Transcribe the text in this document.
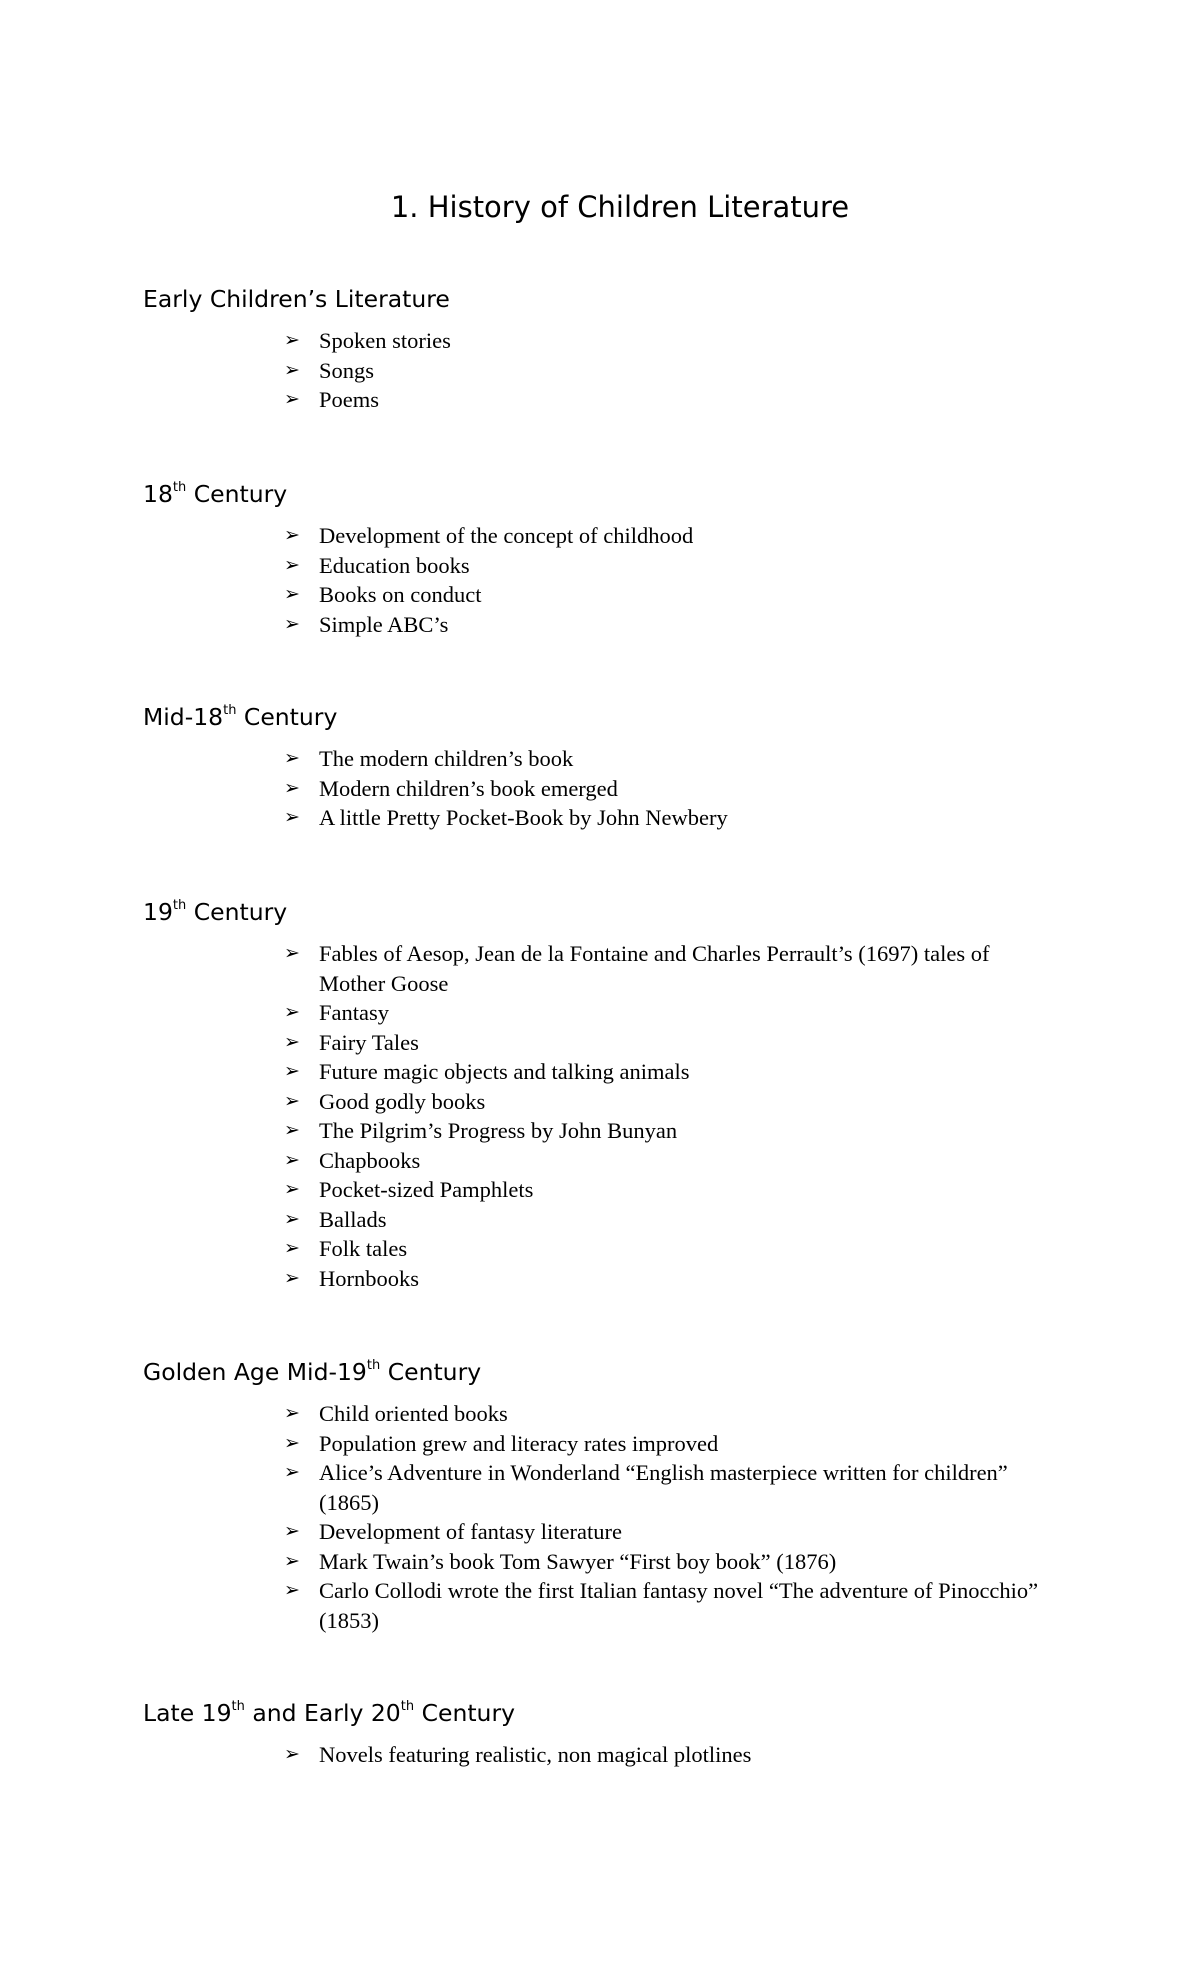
1. History of Children Literature
Early Children’s Literature
➢ Spoken stories
➢ Songs
➢ Poems
18th Century
➢ Development of the concept of childhood
➢ Education books
➢ Books on conduct
➢ Simple ABC’s
Mid-18th Century
➢ The modern children’s book
➢ Modern children’s book emerged
➢ A little Pretty Pocket-Book by John Newbery
19th Century
➢ Fables of Aesop, Jean de la Fontaine and Charles Perrault’s (1697) tales of Mother Goose
➢ Fantasy
➢ Fairy Tales
➢ Future magic objects and talking animals
➢ Good godly books
➢ The Pilgrim’s Progress by John Bunyan
➢ Chapbooks
➢ Pocket-sized Pamphlets
➢ Ballads
➢ Folk tales
➢ Hornbooks
Golden Age Mid-19th Century
➢ Child oriented books
➢ Population grew and literacy rates improved
➢ Alice’s Adventure in Wonderland “English masterpiece written for children” (1865)
➢ Development of fantasy literature
➢ Mark Twain’s book Tom Sawyer “First boy book” (1876)
➢ Carlo Collodi wrote the first Italian fantasy novel “The adventure of Pinocchio” (1853)
Late 19th and Early 20th Century
➢ Novels featuring realistic, non magical plotlines
